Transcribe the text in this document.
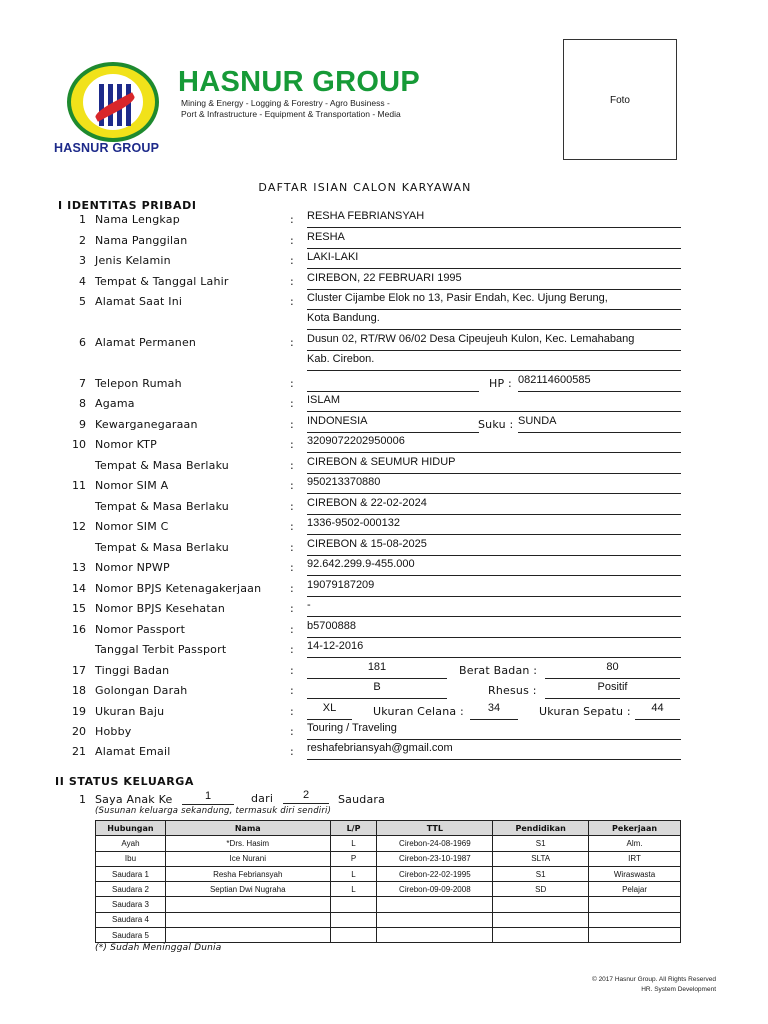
HASNUR GROUP
HASNUR GROUP
Mining & Energy - Logging & Forestry - Agro Business -
Port & Infrastructure - Equipment & Transportation - Media
Foto
DAFTAR ISIAN CALON KARYAWAN
I IDENTITAS PRIBADI
1 Nama Lengkap	: RESHA FEBRIANSYAH
2 Nama Panggilan	: RESHA
3 Jenis Kelamin	: LAKI-LAKI
4 Tempat & Tanggal Lahir	: CIREBON, 22 FEBRUARI 1995
5 Alamat Saat Ini	: Cluster Cijambe Elok no 13, Pasir Endah, Kec. Ujung Berung,
Kota Bandung.
6 Alamat Permanen	: Dusun 02, RT/RW 06/02 Desa Cipeujeuh Kulon, Kec. Lemahabang
Kab. Cirebon.
7 Telepon Rumah	:	HP : 082114600585
8 Agama	: ISLAM
9 Kewarganegaraan	: INDONESIA	Suku : SUNDA
10 Nomor KTP	: 3209072202950006
Tempat & Masa Berlaku	: CIREBON & SEUMUR HIDUP
11 Nomor SIM A	: 950213370880
Tempat & Masa Berlaku	: CIREBON & 22-02-2024
12 Nomor SIM C	: 1336-9502-000132
Tempat & Masa Berlaku	: CIREBON & 15-08-2025
13 Nomor NPWP	: 92.642.299.9-455.000
14 Nomor BPJS Ketenagakerjaan	: 19079187209
15 Nomor BPJS Kesehatan	: -
16 Nomor Passport	: b5700888
Tanggal Terbit Passport	: 14-12-2016
17 Tinggi Badan	:	181	Berat Badan :	80
18 Golongan Darah	:	B	Rhesus :	Positif
19 Ukuran Baju	:	XL	Ukuran Celana :	34	Ukuran Sepatu :	44
20 Hobby	: Touring / Traveling
21 Alamat Email	: reshafebriansyah@gmail.com
II STATUS KELUARGA
1 Saya Anak Ke	1	dari	2	Saudara
(Susunan keluarga sekandung, termasuk diri sendiri)
Hubungan	Nama	L/P	TTL	Pendidikan	Pekerjaan
Ayah	*Drs. Hasim	L	Cirebon-24-08-1969	S1	Alm.
Ibu	Ice Nurani	P	Cirebon-23-10-1987	SLTA	IRT
Saudara 1	Resha Febriansyah	L	Cirebon-22-02-1995	S1	Wiraswasta
Saudara 2	Septian Dwi Nugraha	L	Cirebon-09-09-2008	SD	Pelajar
Saudara 3					
Saudara 4					
Saudara 5					
(*) Sudah Meninggal Dunia
© 2017 Hasnur Group. All Rights Reserved
HR. System Development
